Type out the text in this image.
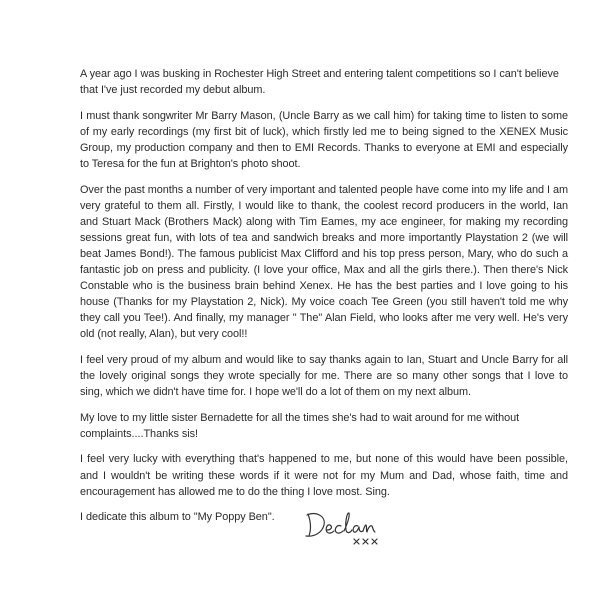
A year ago I was busking in Rochester High Street and entering talent competitions so I can't believe that I've just recorded my debut album.

I must thank songwriter Mr Barry Mason, (Uncle Barry as we call him) for taking time to listen to some of my early recordings (my first bit of luck), which firstly led me to being signed to the XENEX Music Group, my production company and then to EMI Records. Thanks to everyone at EMI and especially to Teresa for the fun at Brighton's photo shoot.

Over the past months a number of very important and talented people have come into my life and I am very grateful to them all. Firstly, I would like to thank, the coolest record producers in the world, Ian and Stuart Mack (Brothers Mack) along with Tim Eames, my ace engineer, for making my recording sessions great fun, with lots of tea and sandwich breaks and more importantly Playstation 2 (we will beat James Bond!). The famous publicist Max Clifford and his top press person, Mary, who do such a fantastic job on press and publicity. (I love your office, Max and all the girls there.). Then there's Nick Constable who is the business brain behind Xenex. He has the best parties and I love going to his house (Thanks for my Playstation 2, Nick). My voice coach Tee Green (you still haven't told me why they call you Tee!). And finally, my manager " The" Alan Field, who looks after me very well. He's very old (not really, Alan), but very cool!!

I feel very proud of my album and would like to say thanks again to Ian, Stuart and Uncle Barry for all the lovely original songs they wrote specially for me. There are so many other songs that I love to sing, which we didn't have time for. I hope we'll do a lot of them on my next album.

My love to my little sister Bernadette for all the times she's had to wait around for me without complaints....Thanks sis!

I feel very lucky with everything that's happened to me, but none of this would have been possible, and I wouldn't be writing these words if it were not for my Mum and Dad, whose faith, time and encouragement has allowed me to do the thing I love most. Sing.

I dedicate this album to "My Poppy Ben".
